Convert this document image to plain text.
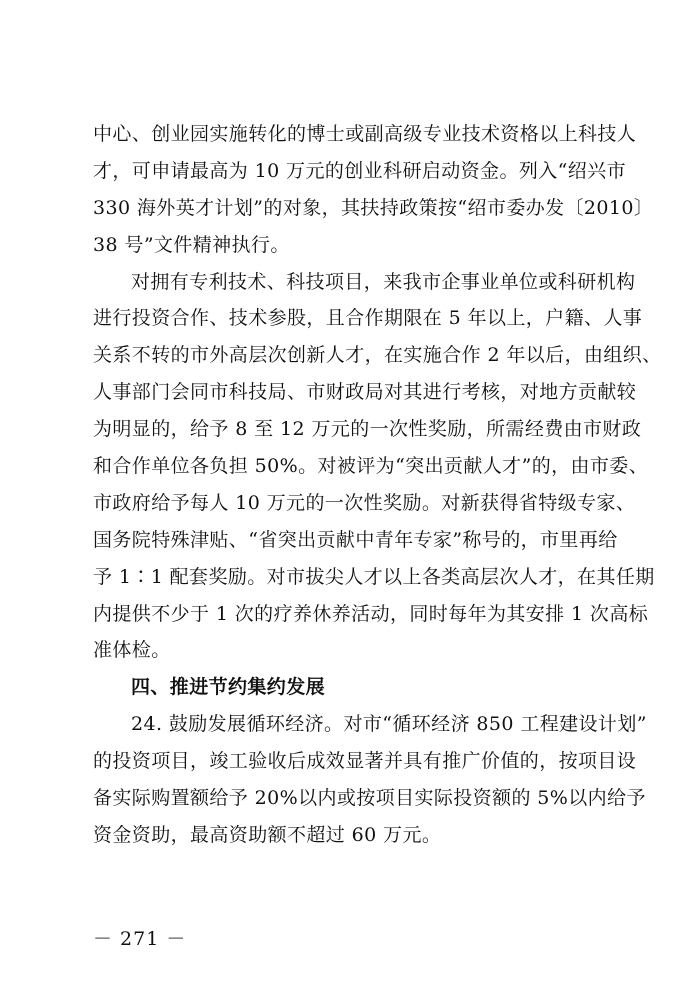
中心、创业园实施转化的博士或副高级专业技术资格以上科技人
才，可申请最高为 10 万元的创业科研启动资金。列入“绍兴市
330 海外英才计划”的对象，其扶持政策按“绍市委办发〔2010〕
38 号”文件精神执行。
对拥有专利技术、科技项目，来我市企事业单位或科研机构
进行投资合作、技术参股，且合作期限在 5 年以上，户籍、人事
关系不转的市外高层次创新人才，在实施合作 2 年以后，由组织、
人事部门会同市科技局、市财政局对其进行考核，对地方贡献较
为明显的，给予 8 至 12 万元的一次性奖励，所需经费由市财政
和合作单位各负担 50%。对被评为“突出贡献人才”的，由市委、
市政府给予每人 10 万元的一次性奖励。对新获得省特级专家、
国务院特殊津贴、“省突出贡献中青年专家”称号的，市里再给
予 1∶1 配套奖励。对市拔尖人才以上各类高层次人才，在其任期
内提供不少于 1 次的疗养休养活动，同时每年为其安排 1 次高标
准体检。
四、推进节约集约发展
24. 鼓励发展循环经济。对市“循环经济 850 工程建设计划”
的投资项目，竣工验收后成效显著并具有推广价值的，按项目设
备实际购置额给予 20%以内或按项目实际投资额的 5%以内给予
资金资助，最高资助额不超过 60 万元。
－ 271 －
